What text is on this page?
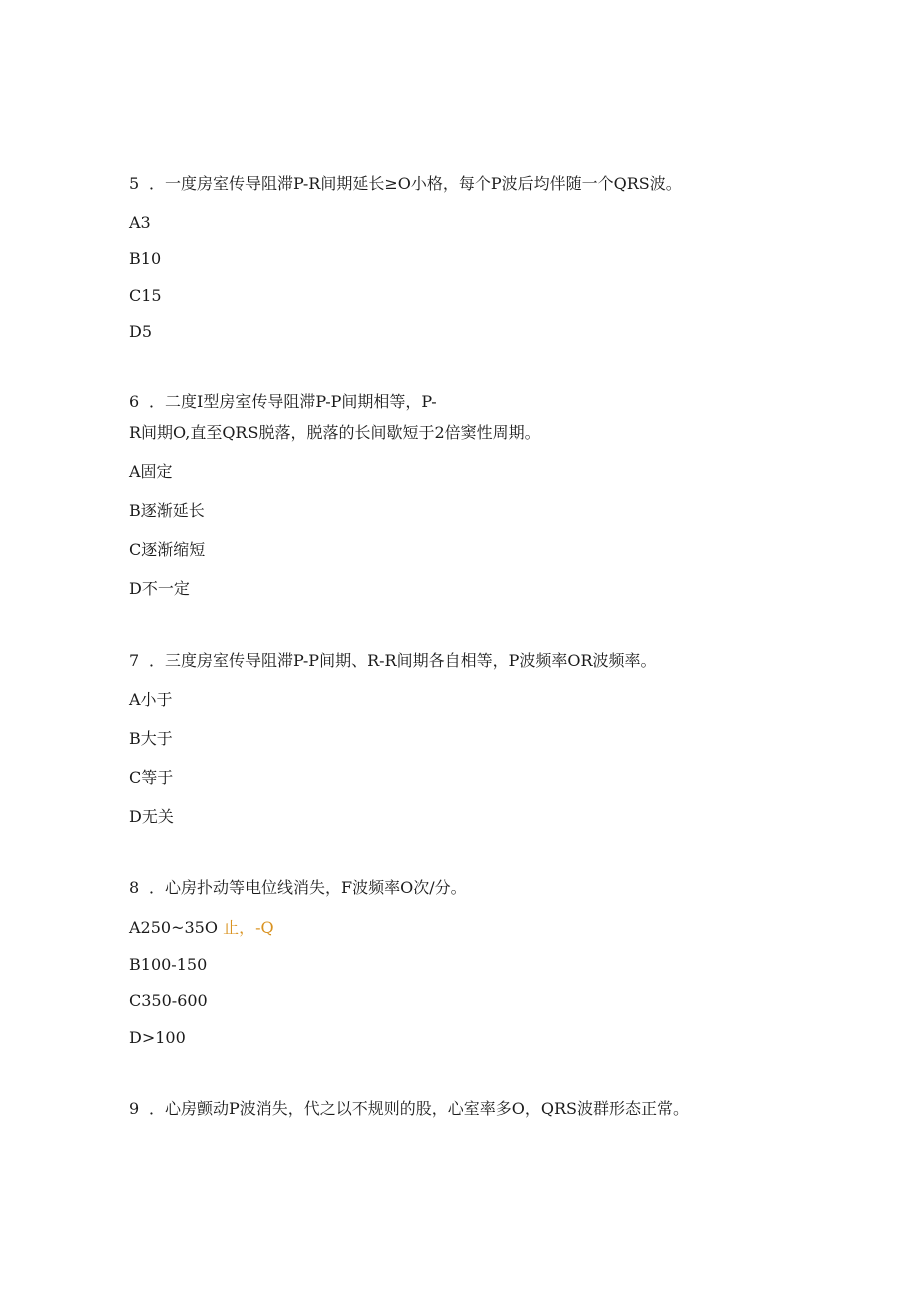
5 ．一度房室传导阻滞P-R间期延长≥O小格，每个P波后均伴随一个QRS波。
A3
B10
C15
D5
6 ．二度I型房室传导阻滞P-P间期相等，P-
R间期O,直至QRS脱落，脱落的长间歇短于2倍窦性周期。
A固定
B逐渐延长
C逐渐缩短
D不一定
7 ．三度房室传导阻滞P-P间期、R-R间期各自相等，P波频率OR波频率。
A小于
B大于
C等于
D无关
8 ．心房扑动等电位线消失，F波频率O次/分。
A250~35O 止，-Q
B100-150
C350-600
D>100
9 ．心房颤动P波消失，代之以不规则的股，心室率多O，QRS波群形态正常。
